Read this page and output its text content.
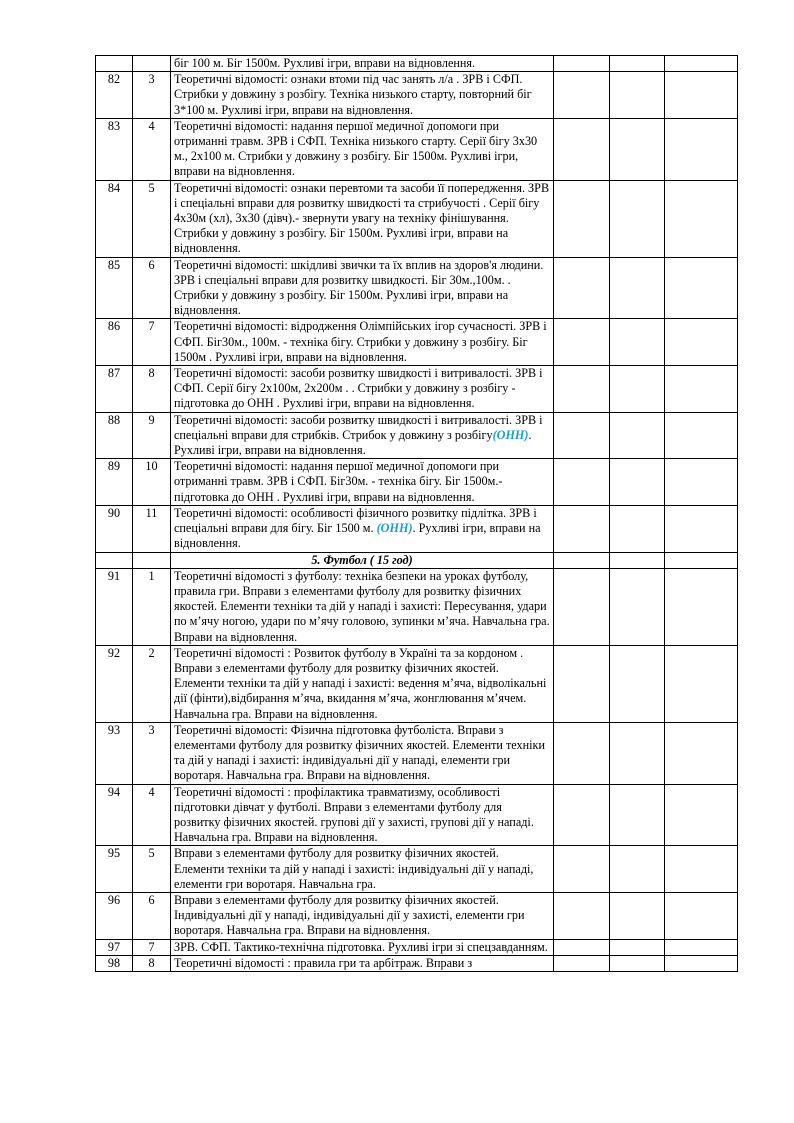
		біг 100 м. Біг 1500м. Рухливі ігри, вправи на відновлення.			

82	3	Теоретичні відомості: ознаки втоми під час занять л/а . ЗРВ і СФП. Стрибки у довжину з розбігу. Техніка низького старту, повторний біг 3*100 м. Рухливі ігри, вправи на відновлення.			

83	4	Теоретичні відомості: надання першої медичної допомоги при отриманні травм. ЗРВ і СФП. Техніка низького старту. Серії бігу 3х30 м., 2х100 м. Стрибки у довжину з розбігу. Біг 1500м. Рухливі ігри, вправи на відновлення.			

84	5	Теоретичні відомості: ознаки перевтоми та засоби її попередження. ЗРВ і спеціальні вправи для розвитку швидкості та стрибучості . Серії бігу 4х30м (хл), 3х30 (дівч).- звернути увагу на техніку фінішування. Стрибки у довжину з розбігу. Біг 1500м. Рухливі ігри, вправи на відновлення.			

85	6	Теоретичні відомості: шкідливі звички та їх вплив на здоров'я людини. ЗРВ і спеціальні вправи для розвитку швидкості. Біг 30м.,100м. . Стрибки у довжину з розбігу. Біг 1500м. Рухливі ігри, вправи на відновлення.			

86	7	Теоретичні відомості: відродження Олімпійських ігор сучасності. ЗРВ і СФП. Біг30м., 100м. - техніка бігу. Стрибки у довжину з розбігу. Біг 1500м . Рухливі ігри, вправи на відновлення.			

87	8	Теоретичні відомості: засоби розвитку швидкості і витривалості. ЗРВ і СФП. Серії бігу 2х100м, 2х200м . . Стрибки у довжину з розбігу - підготовка до ОНН . Рухливі ігри, вправи на відновлення.			

88	9	Теоретичні відомості: засоби розвитку швидкості і витривалості. ЗРВ і спеціальні вправи для стрибків. Стрибок у довжину з розбігу(ОНН). Рухливі ігри, вправи на відновлення.			

89	10	Теоретичні відомості: надання першої медичної допомоги при отриманні травм. ЗРВ і СФП. Біг30м. - техніка бігу. Біг 1500м.- підготовка до ОНН . Рухливі ігри, вправи на відновлення.			

90	11	Теоретичні відомості: особливості фізичного розвитку підлітка. ЗРВ і спеціальні вправи для бігу. Біг 1500 м. (ОНН). Рухливі ігри, вправи на відновлення.			

		5. Футбол ( 15 год)			
91	1	Теоретичні відомості з футболу: техніка безпеки на уроках футболу, правила гри. Вправи з елементами футболу для розвитку фізичних якостей. Елементи техніки та дій у нападі і захисті: Пересування, удари по м’ячу ногою, удари по м’ячу головою, зупинки м’яча. Навчальна гра. Вправи на відновлення.			

92	2	Теоретичні відомості : Розвиток футболу в Україні та за кордоном . Вправи з елементами футболу для розвитку фізичних якостей. Елементи техніки та дій у нападі і захисті: ведення м’яча, відволікальні дії (фінти),відбирання м’яча, вкидання м’яча, жонглювання м’ячем. Навчальна гра. Вправи на відновлення.			

93	3	Теоретичні відомості: Фізична підготовка футболіста. Вправи з елементами футболу для розвитку фізичних якостей. Елементи техніки та дій у нападі і захисті: індивідуальні дії у нападі, елементи гри воротаря. Навчальна гра. Вправи на відновлення.			

94	4	Теоретичні відомості : профілактика травматизму, особливості підготовки дівчат у футболі. Вправи з елементами футболу для розвитку фізичних якостей. групові дії у захисті, групові дії у нападі. Навчальна гра. Вправи на відновлення.			

95	5	Вправи з елементами футболу для розвитку фізичних якостей. Елементи техніки та дій у нападі і захисті: індивідуальні дії у нападі, елементи гри воротаря. Навчальна гра.			

96	6	Вправи з елементами футболу для розвитку фізичних якостей. Індивідуальні дії у нападі, індивідуальні дії у захисті, елементи гри воротаря. Навчальна гра. Вправи на відновлення.			

97	7	ЗРВ. СФП. Тактико-технічна підготовка. Рухливі ігри зі спецзавданням.			

98	8	Теоретичні відомості : правила гри та арбітраж. Вправи з			
